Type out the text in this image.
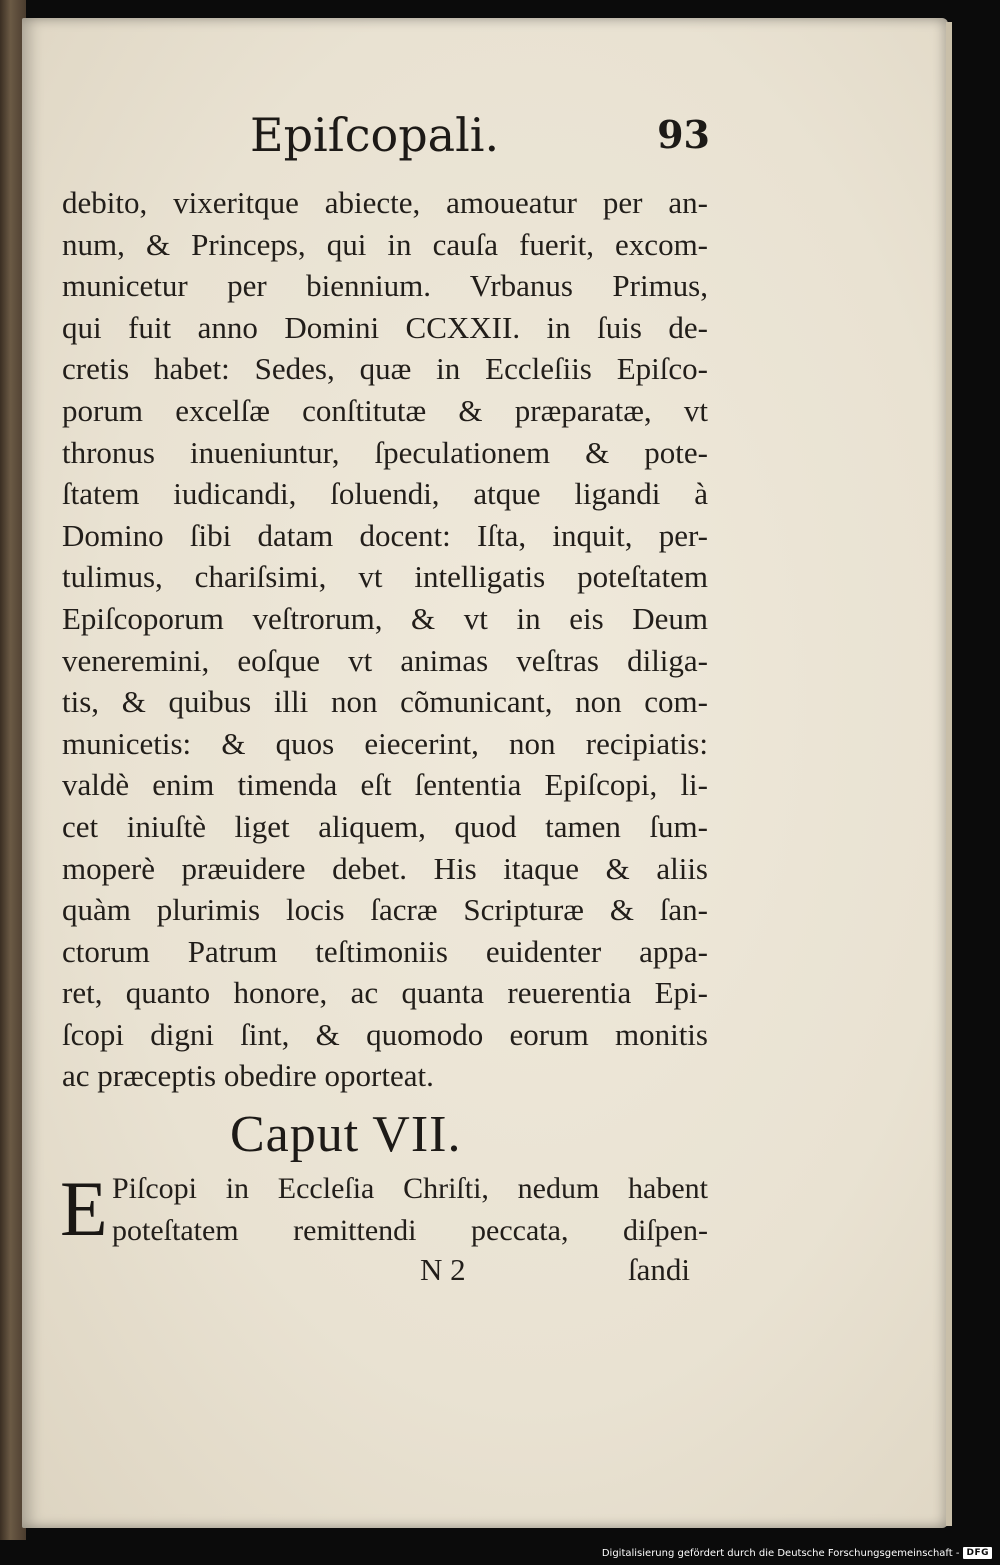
Epiſcopali.	93
debito, vixeritque abiecte, amoueatur per an-
num, & Princeps, qui in cauſa fuerit, excom-
municetur per biennium. Vrbanus Primus,
qui fuit anno Domini CCXXII. in ſuis de-
cretis habet: Sedes, quæ in Eccleſiis Epiſco-
porum excelſæ conſtitutæ & præparatæ, vt
thronus inueniuntur, ſpeculationem & pote-
ſtatem iudicandi, ſoluendi, atque ligandi à
Domino ſibi datam docent: Iſta, inquit, per-
tulimus, chariſsimi, vt intelligatis poteſtatem
Epiſcoporum veſtrorum, & vt in eis Deum
veneremini, eoſque vt animas veſtras diliga-
tis, & quibus illi non cõmunicant, non com-
municetis: & quos eiecerint, non recipiatis:
valdè enim timenda eſt ſententia Epiſcopi, li-
cet iniuſtè liget aliquem, quod tamen ſum-
moperè præuidere debet. His itaque & aliis
quàm plurimis locis ſacræ Scripturæ & ſan-
ctorum Patrum teſtimoniis euidenter appa-
ret, quanto honore, ac quanta reuerentia Epi-
ſcopi digni ſint, & quomodo eorum monitis
ac præceptis obedire oporteat.
Caput VII.
E Piſcopi in Eccleſia Chriſti, nedum habent
poteſtatem remittendi peccata, diſpen-
N 2	ſandi
Digitalisierung gefördert durch die Deutsche Forschungsgemeinschaft - DFG
